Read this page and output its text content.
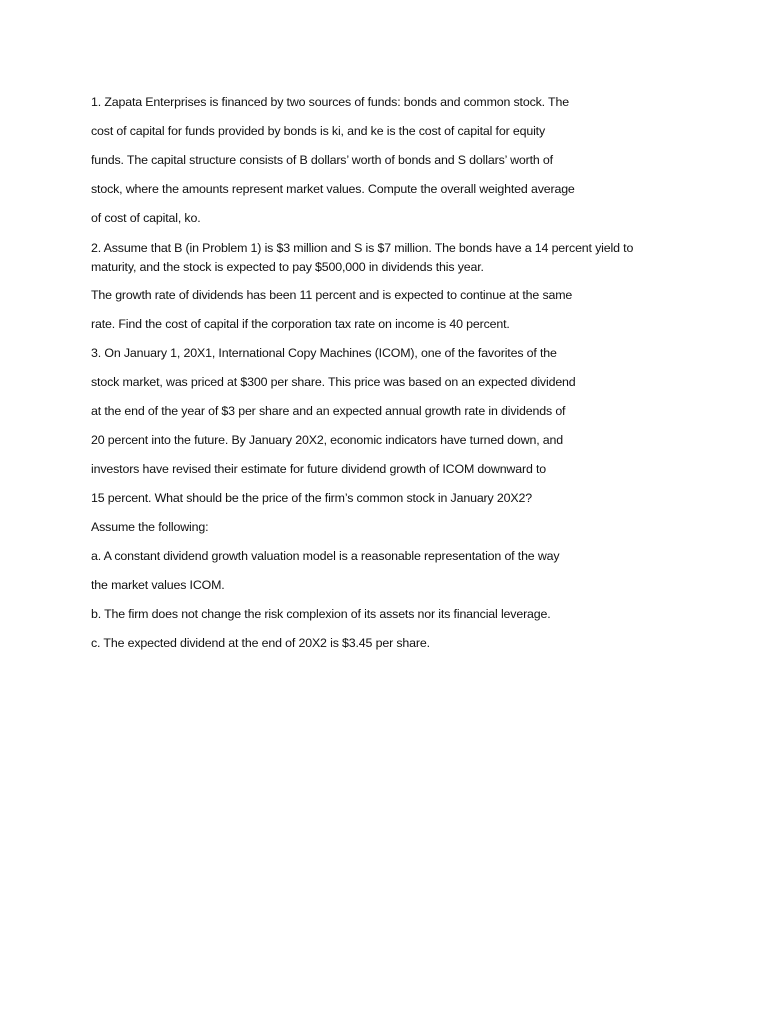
1. Zapata Enterprises is financed by two sources of funds: bonds and common stock. The
cost of capital for funds provided by bonds is ki, and ke is the cost of capital for equity
funds. The capital structure consists of B dollars’ worth of bonds and S dollars’ worth of
stock, where the amounts represent market values. Compute the overall weighted average
of cost of capital, ko.
2. Assume that B (in Problem 1) is $3 million and S is $7 million. The bonds have a 14 percent yield to
maturity, and the stock is expected to pay $500,000 in dividends this year.
The growth rate of dividends has been 11 percent and is expected to continue at the same
rate. Find the cost of capital if the corporation tax rate on income is 40 percent.
3. On January 1, 20X1, International Copy Machines (ICOM), one of the favorites of the
stock market, was priced at $300 per share. This price was based on an expected dividend
at the end of the year of $3 per share and an expected annual growth rate in dividends of
20 percent into the future. By January 20X2, economic indicators have turned down, and
investors have revised their estimate for future dividend growth of ICOM downward to
15 percent. What should be the price of the firm’s common stock in January 20X2?
Assume the following:
a. A constant dividend growth valuation model is a reasonable representation of the way
the market values ICOM.
b. The firm does not change the risk complexion of its assets nor its financial leverage.
c. The expected dividend at the end of 20X2 is $3.45 per share.
